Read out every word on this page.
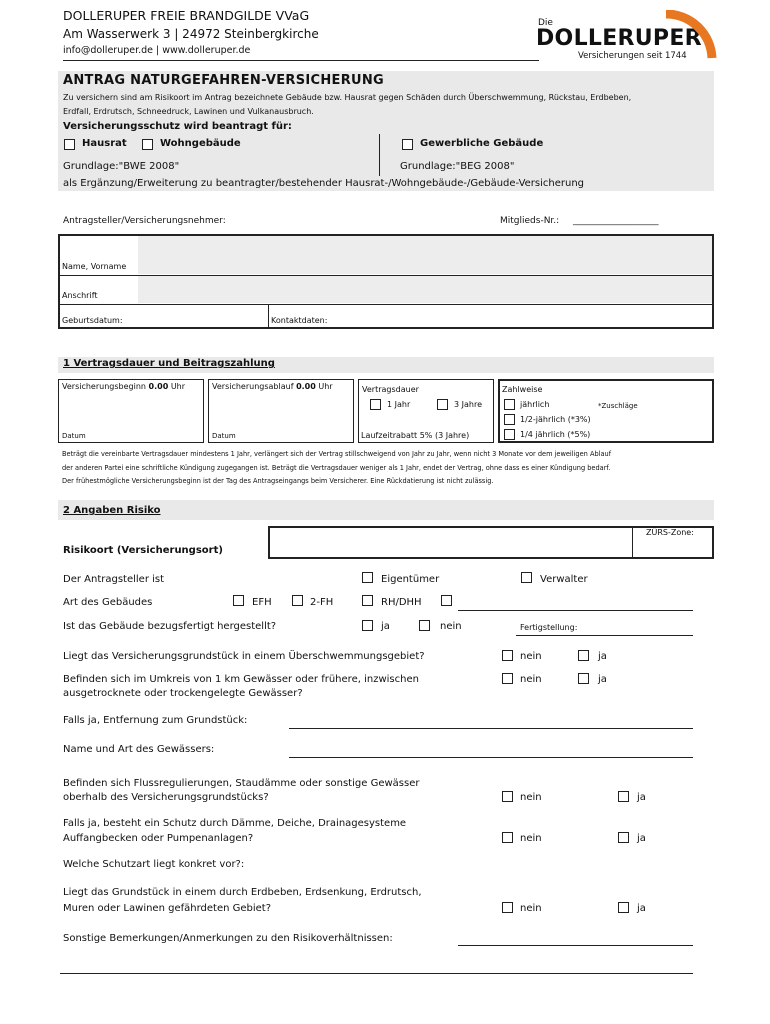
DOLLERUPER FREIE BRANDGILDE VVaG
Am Wasserwerk 3 | 24972 Steinbergkirche
info@dolleruper.de | www.dolleruper.de
Die
DOLLERUPER
Versicherungen seit 1744
ANTRAG NATURGEFAHREN-VERSICHERUNG
Zu versichern sind am Risikoort im Antrag bezeichnete Gebäude bzw. Hausrat gegen Schäden durch Überschwemmung, Rückstau, Erdbeben,
Erdfall, Erdrutsch, Schneedruck, Lawinen und Vulkanausbruch.
Versicherungsschutz wird beantragt für:
Hausrat	Wohngebäude	Gewerbliche Gebäude
Grundlage:"BWE 2008"	Grundlage:"BEG 2008"
als Ergänzung/Erweiterung zu beantragter/bestehender Hausrat-/Wohngebäude-/Gebäude-Versicherung
Antragsteller/Versicherungsnehmer:	Mitglieds-Nr.: ___________________
Name, Vorname
Anschrift
Geburtsdatum:	Kontaktdaten:
1 Vertragsdauer und Beitragszahlung
Versicherungsbeginn 0.00 Uhr
Datum
Versicherungsablauf 0.00 Uhr
Datum
Vertragsdauer
1 Jahr	3 Jahre
Laufzeitrabatt 5% (3 Jahre)
Zahlweise
jährlich	*Zuschläge
1/2-jährlich (*3%)
1/4 jährlich (*5%)
Beträgt die vereinbarte Vertragsdauer mindestens 1 Jahr, verlängert sich der Vertrag stillschweigend von Jahr zu Jahr, wenn nicht 3 Monate vor dem jeweiligen Ablauf
der anderen Partei eine schriftliche Kündigung zugegangen ist. Beträgt die Vertragsdauer weniger als 1 Jahr, endet der Vertrag, ohne dass es einer Kündigung bedarf.
Der frühestmögliche Versicherungsbeginn ist der Tag des Antragseingangs beim Versicherer. Eine Rückdatierung ist nicht zulässig.
2 Angaben Risiko
ZÜRS-Zone:
Risikoort (Versicherungsort)
Der Antragsteller ist	Eigentümer	Verwalter
Art des Gebäudes	EFH	2-FH	RH/DHH
Ist das Gebäude bezugsfertigt hergestellt?	ja	nein	Fertigstellung:
Liegt das Versicherungsgrundstück in einem Überschwemmungsgebiet?	nein	ja
Befinden sich im Umkreis von 1 km Gewässer oder frühere, inzwischen
ausgetrocknete oder trockengelegte Gewässer?
nein	ja
Falls ja, Entfernung zum Grundstück:
Name und Art des Gewässers:
Befinden sich Flussregulierungen, Staudämme oder sonstige Gewässer
oberhalb des Versicherungsgrundstücks?	nein	ja
Falls ja, besteht ein Schutz durch Dämme, Deiche, Drainagesysteme
Auffangbecken oder Pumpenanlagen?	nein	ja
Welche Schutzart liegt konkret vor?:
Liegt das Grundstück in einem durch Erdbeben, Erdsenkung, Erdrutsch,
Muren oder Lawinen gefährdeten Gebiet?	nein	ja
Sonstige Bemerkungen/Anmerkungen zu den Risikoverhältnissen:
